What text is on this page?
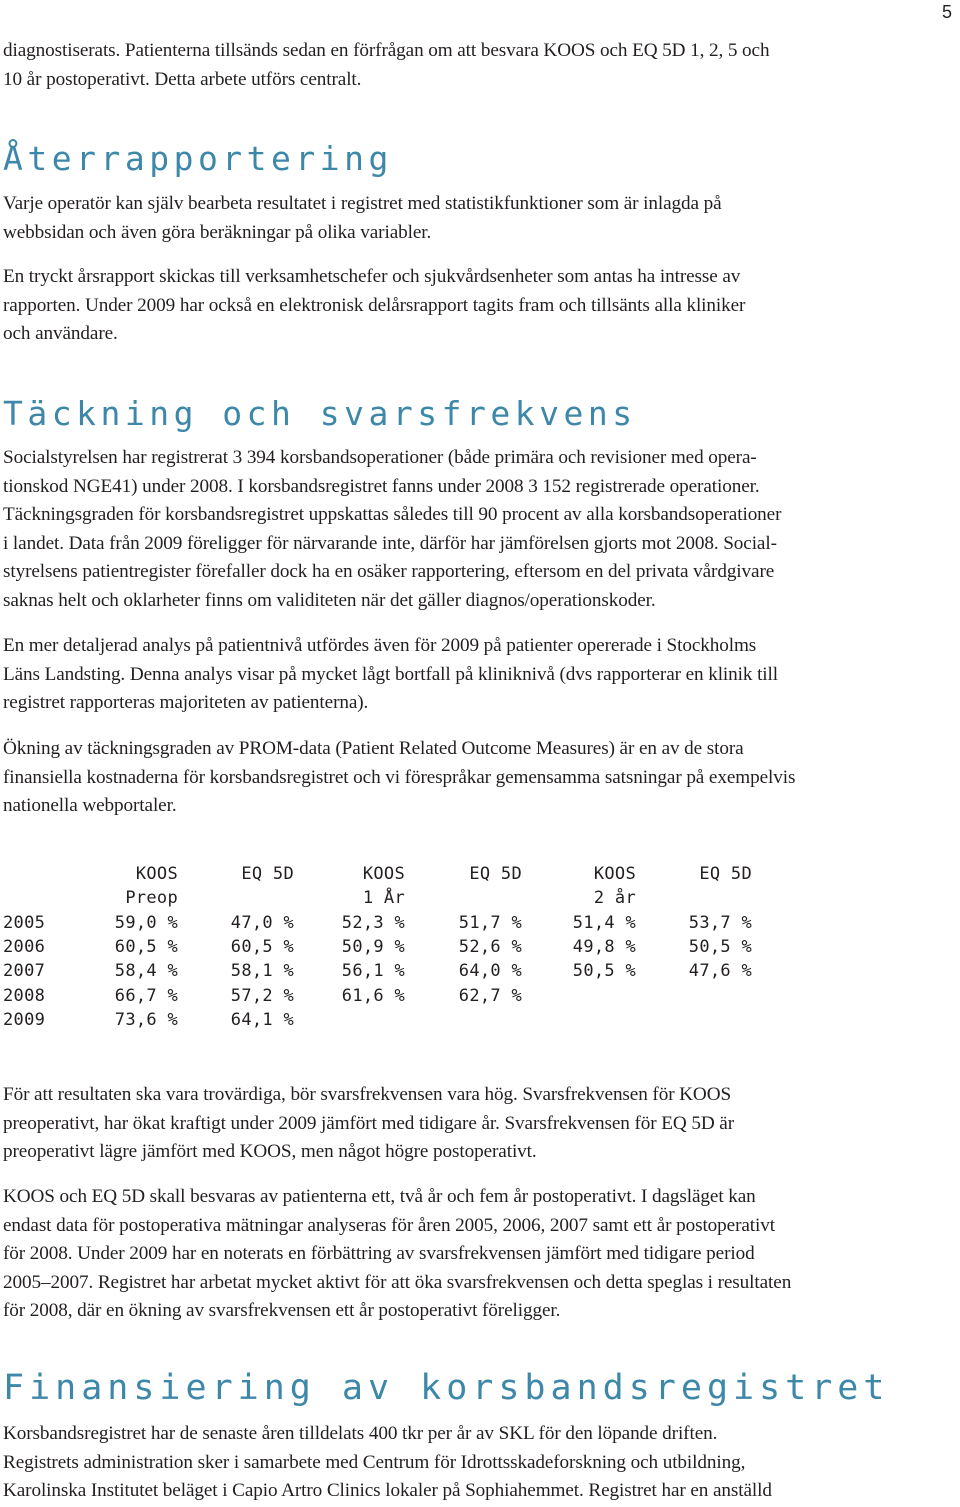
5

diagnostiserats. Patienterna tillsänds sedan en förfrågan om att besvara KOOS och EQ 5D 1, 2, 5 och
10 år postoperativt. Detta arbete utförs centralt.

Återrapportering

Varje operatör kan själv bearbeta resultatet i registret med statistikfunktioner som är inlagda på
webbsidan och även göra beräkningar på olika variabler.

En tryckt årsrapport skickas till verksamhetschefer och sjukvårdsenheter som antas ha intresse av
rapporten. Under 2009 har också en elektronisk delårsrapport tagits fram och tillsänts alla kliniker
och användare.

Täckning och svarsfrekvens

Socialstyrelsen har registrerat 3 394 korsbandsoperationer (både primära och revisioner med opera-
tionskod NGE41) under 2008. I korsbandsregistret fanns under 2008 3 152 registrerade operationer.
Täckningsgraden för korsbandsregistret uppskattas således till 90 procent av alla korsbandsoperationer
i landet. Data från 2009 föreligger för närvarande inte, därför har jämförelsen gjorts mot 2008. Social-
styrelsens patientregister förefaller dock ha en osäker rapportering, eftersom en del privata vårdgivare
saknas helt och oklarheter finns om validiteten när det gäller diagnos/operationskoder.

En mer detaljerad analys på patientnivå utfördes även för 2009 på patienter opererade i Stockholms
Läns Landsting. Denna analys visar på mycket lågt bortfall på kliniknivå (dvs rapporterar en klinik till
registret rapporteras majoriteten av patienterna).

Ökning av täckningsgraden av PROM-data (Patient Related Outcome Measures) är en av de stora
finansiella kostnaderna för korsbandsregistret och vi förespråkar gemensamma satsningar på exempelvis
nationella webportaler.

	KOOS	EQ 5D	KOOS	EQ 5D	KOOS	EQ 5D
	Preop		1 År		2 år	
2005	59,0 %	47,0 %	52,3 %	51,7 %	51,4 %	53,7 %
2006	60,5 %	60,5 %	50,9 %	52,6 %	49,8 %	50,5 %
2007	58,4 %	58,1 %	56,1 %	64,0 %	50,5 %	47,6 %
2008	66,7 %	57,2 %	61,6 %	62,7 %		
2009	73,6 %	64,1 %				

För att resultaten ska vara trovärdiga, bör svarsfrekvensen vara hög. Svarsfrekvensen för KOOS
preoperativt, har ökat kraftigt under 2009 jämfört med tidigare år. Svarsfrekvensen för EQ 5D är
preoperativt lägre jämfört med KOOS, men något högre postoperativt.

KOOS och EQ 5D skall besvaras av patienterna ett, två år och fem år postoperativt. I dagsläget kan
endast data för postoperativa mätningar analyseras för åren 2005, 2006, 2007 samt ett år postoperativt
för 2008. Under 2009 har en noterats en förbättring av svarsfrekvensen jämfört med tidigare period
2005–2007. Registret har arbetat mycket aktivt för att öka svarsfrekvensen och detta speglas i resultaten
för 2008, där en ökning av svarsfrekvensen ett år postoperativt föreligger.

Finansiering av korsbandsregistret

Korsbandsregistret har de senaste åren tilldelats 400 tkr per år av SKL för den löpande driften.
Registrets administration sker i samarbete med Centrum för Idrottsskadeforskning och utbildning,
Karolinska Institutet beläget i Capio Artro Clinics lokaler på Sophiahemmet. Registret har en anställd
